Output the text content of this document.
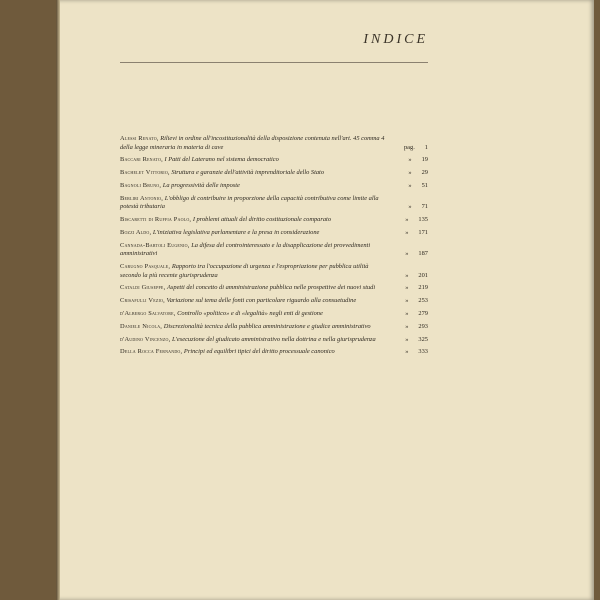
INDICE
Alessi Renato, Rilievi in ordine all'incostituzionalità della disposizione contenuta nell'art. 45 comma 4 della legge mineraria in materia di cave	pag. 1
Baccari Renato, I Patti del Laterano nel sistema democratico	» 19
Bachelet Vittorio, Struttura e garanzie dell'attività imprenditoriale dello Stato	» 29
Bagnoli Bruno, La progressività delle imposte	» 51
Berliri Antonio, L'obbligo di contribuire in proporzione della capacità contributiva come limite alla potestà tributaria	» 71
Biscaretti di Ruffia Paolo, I problemi attuali del diritto costituzionale comparato	» 135
Bozzi Aldo, L'iniziativa legislativa parlamentare e la presa in considerazione	» 171
Cannada-Bartoli Eugenio, La difesa del controinteressato e la disapplicazione dei provvedimenti amministrativi	» 187
Carugno Pasquale, Rapporto tra l'occupazione di urgenza e l'espropriazione per pubblica utilità secondo la più recente giurisprudenza	» 201
Cataldi Giuseppe, Aspetti del concetto di amministrazione pubblica nelle prospettive dei nuovi studi	» 219
Crisafulli Vezio, Variazione sul tema delle fonti con particolare riguardo alla consuetudine	» 253
d'Albergo Salvatore, Controllo «politico» e di «legalità» negli enti di gestione	» 279
Daniele Nicola, Discrezionalità tecnica della pubblica amministrazione e giudice amministrativo	» 293
d'Audino Vincenzo, L'esecuzione del giudicato amministrativo nella dottrina e nella giurisprudenza	» 325
Della Rocca Fernando, Principi ed equilibri tipici del diritto processuale canonico	» 333
